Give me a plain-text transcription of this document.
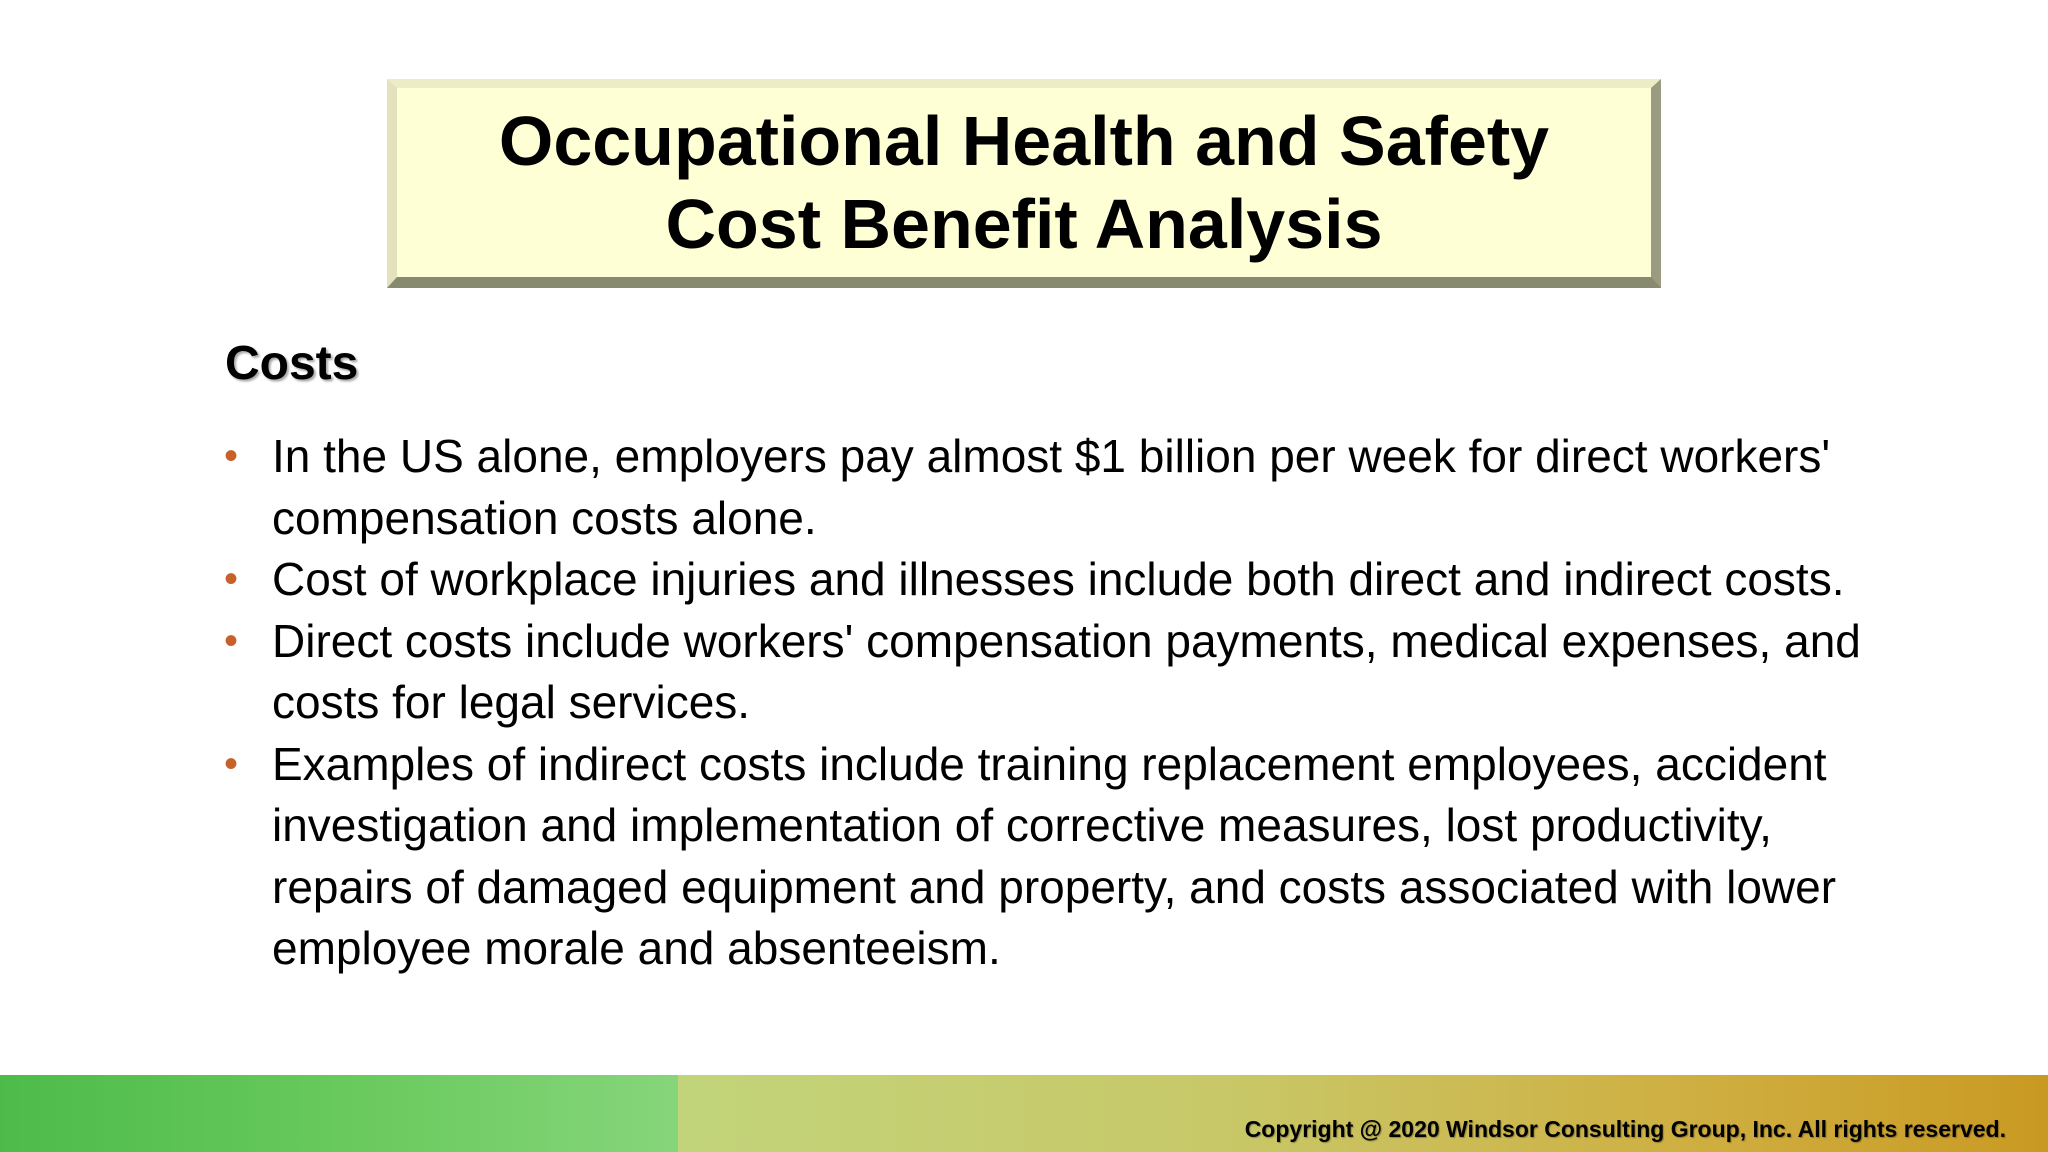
Occupational Health and Safety
Cost Benefit Analysis
Costs
• In the US alone, employers pay almost $1 billion per week for direct workers' compensation costs alone.
• Cost of workplace injuries and illnesses include both direct and indirect costs.
• Direct costs include workers' compensation payments, medical expenses, and costs for legal services.
• Examples of indirect costs include training replacement employees, accident investigation and implementation of corrective measures, lost productivity, repairs of damaged equipment and property, and costs associated with lower employee morale and absenteeism.
Copyright @ 2020 Windsor Consulting Group, Inc. All rights reserved.
